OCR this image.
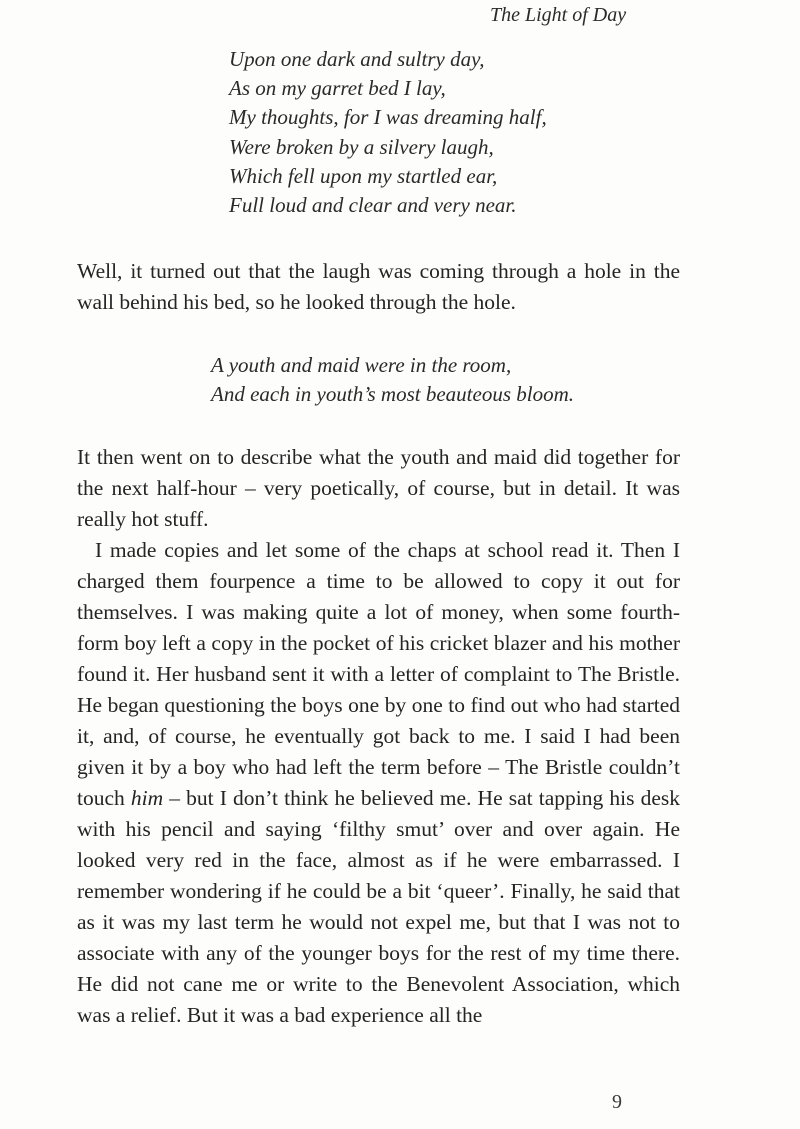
The Light of Day
Upon one dark and sultry day,
As on my garret bed I lay,
My thoughts, for I was dreaming half,
Were broken by a silvery laugh,
Which fell upon my startled ear,
Full loud and clear and very near.

Well, it turned out that the laugh was coming through a hole in the wall behind his bed, so he looked through the hole.

A youth and maid were in the room,
And each in youth’s most beauteous bloom.

It then went on to describe what the youth and maid did together for the next half-hour – very poetically, of course, but in detail. It was really hot stuff.

I made copies and let some of the chaps at school read it. Then I charged them fourpence a time to be allowed to copy it out for themselves. I was making quite a lot of money, when some fourth-form boy left a copy in the pocket of his cricket blazer and his mother found it. Her husband sent it with a letter of complaint to The Bristle. He began questioning the boys one by one to find out who had started it, and, of course, he eventually got back to me. I said I had been given it by a boy who had left the term before – The Bristle couldn’t touch him – but I don’t think he believed me. He sat tapping his desk with his pencil and saying ‘filthy smut’ over and over again. He looked very red in the face, almost as if he were embarrassed. I remember wondering if he could be a bit ‘queer’. Finally, he said that as it was my last term he would not expel me, but that I was not to associate with any of the younger boys for the rest of my time there. He did not cane me or write to the Benevolent Association, which was a relief. But it was a bad experience all the

9
